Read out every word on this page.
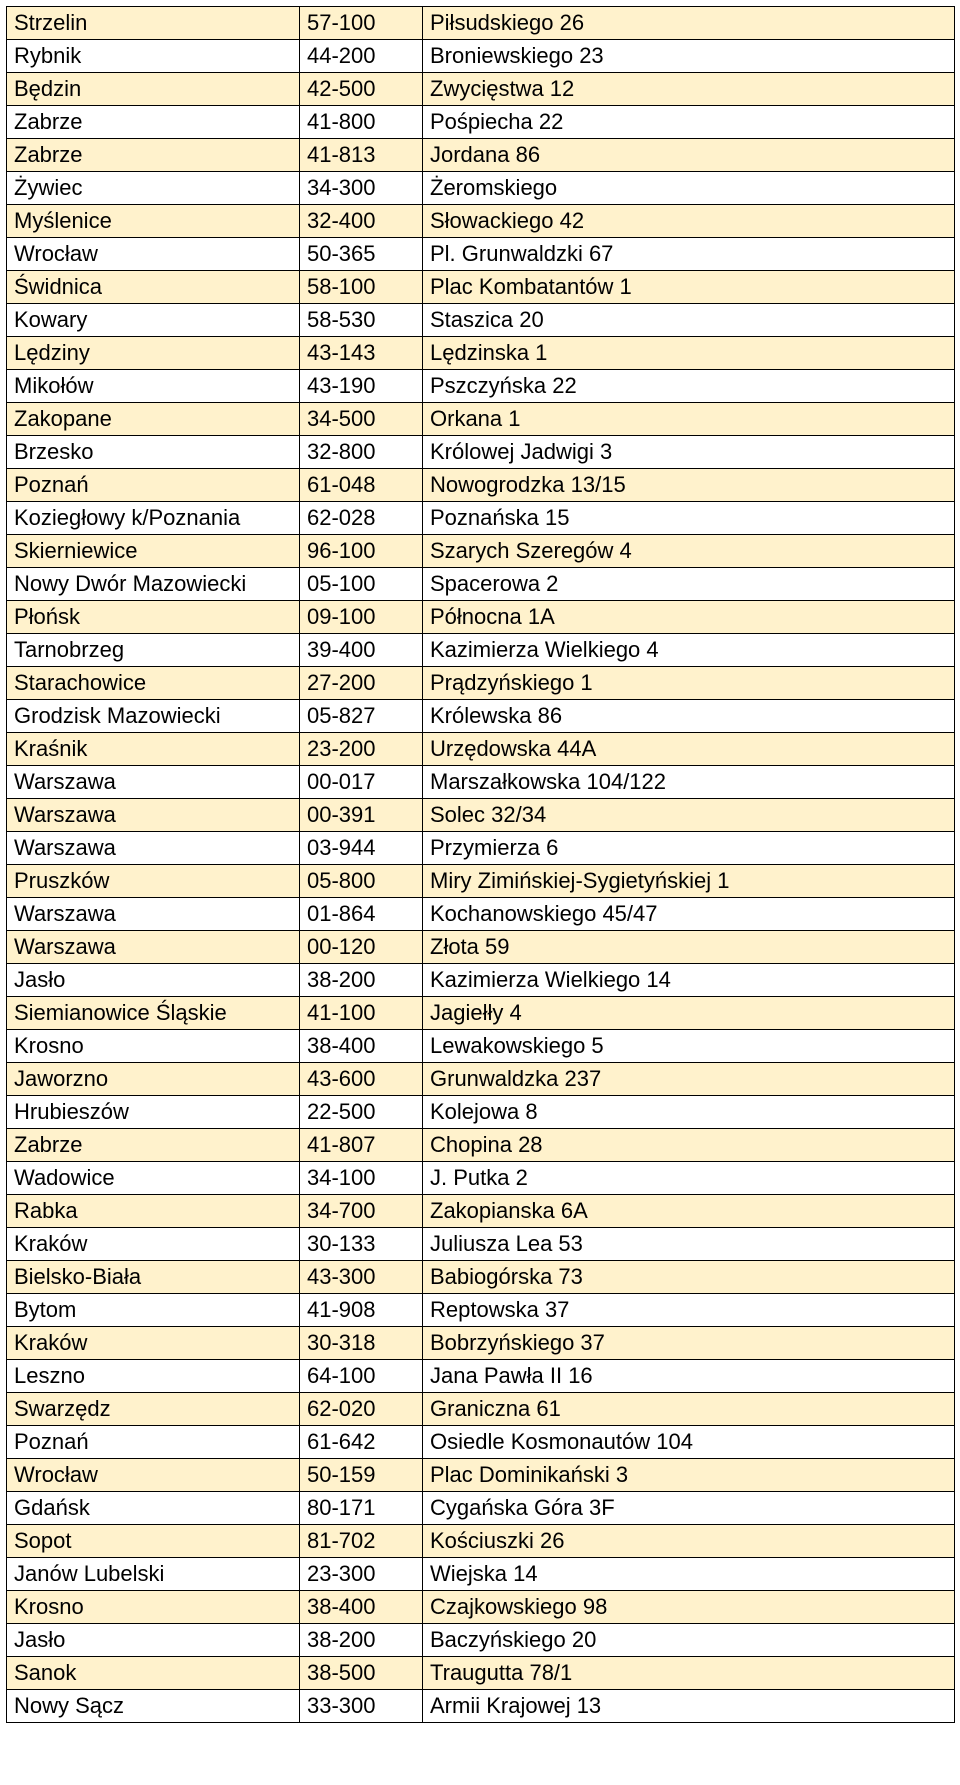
Strzelin	57-100	Piłsudskiego 26
Rybnik	44-200	Broniewskiego 23
Będzin	42-500	Zwycięstwa 12
Zabrze	41-800	Pośpiecha 22
Zabrze	41-813	Jordana 86
Żywiec	34-300	Żeromskiego
Myślenice	32-400	Słowackiego 42
Wrocław	50-365	Pl. Grunwaldzki 67
Świdnica	58-100	Plac Kombatantów 1
Kowary	58-530	Staszica 20
Lędziny	43-143	Lędzinska 1
Mikołów	43-190	Pszczyńska 22
Zakopane	34-500	Orkana 1
Brzesko	32-800	Królowej Jadwigi 3
Poznań	61-048	Nowogrodzka 13/15
Koziegłowy k/Poznania	62-028	Poznańska 15
Skierniewice	96-100	Szarych Szeregów 4
Nowy Dwór Mazowiecki	05-100	Spacerowa 2
Płońsk	09-100	Północna 1A
Tarnobrzeg	39-400	Kazimierza Wielkiego 4
Starachowice	27-200	Prądzyńskiego 1
Grodzisk Mazowiecki	05-827	Królewska 86
Kraśnik	23-200	Urzędowska 44A
Warszawa	00-017	Marszałkowska 104/122
Warszawa	00-391	Solec 32/34
Warszawa	03-944	Przymierza 6
Pruszków	05-800	Miry Zimińskiej-Sygietyńskiej 1
Warszawa	01-864	Kochanowskiego 45/47
Warszawa	00-120	Złota 59
Jasło	38-200	Kazimierza Wielkiego 14
Siemianowice Śląskie	41-100	Jagiełły 4
Krosno	38-400	Lewakowskiego 5
Jaworzno	43-600	Grunwaldzka 237
Hrubieszów	22-500	Kolejowa 8
Zabrze	41-807	Chopina 28
Wadowice	34-100	J. Putka 2
Rabka	34-700	Zakopianska 6A
Kraków	30-133	Juliusza Lea 53
Bielsko-Biała	43-300	Babiogórska 73
Bytom	41-908	Reptowska 37
Kraków	30-318	Bobrzyńskiego 37
Leszno	64-100	Jana Pawła II 16
Swarzędz	62-020	Graniczna 61
Poznań	61-642	Osiedle Kosmonautów 104
Wrocław	50-159	Plac Dominikański 3
Gdańsk	80-171	Cygańska Góra 3F
Sopot	81-702	Kościuszki 26
Janów Lubelski	23-300	Wiejska 14
Krosno	38-400	Czajkowskiego 98
Jasło	38-200	Baczyńskiego 20
Sanok	38-500	Traugutta 78/1
Nowy Sącz	33-300	Armii Krajowej 13
